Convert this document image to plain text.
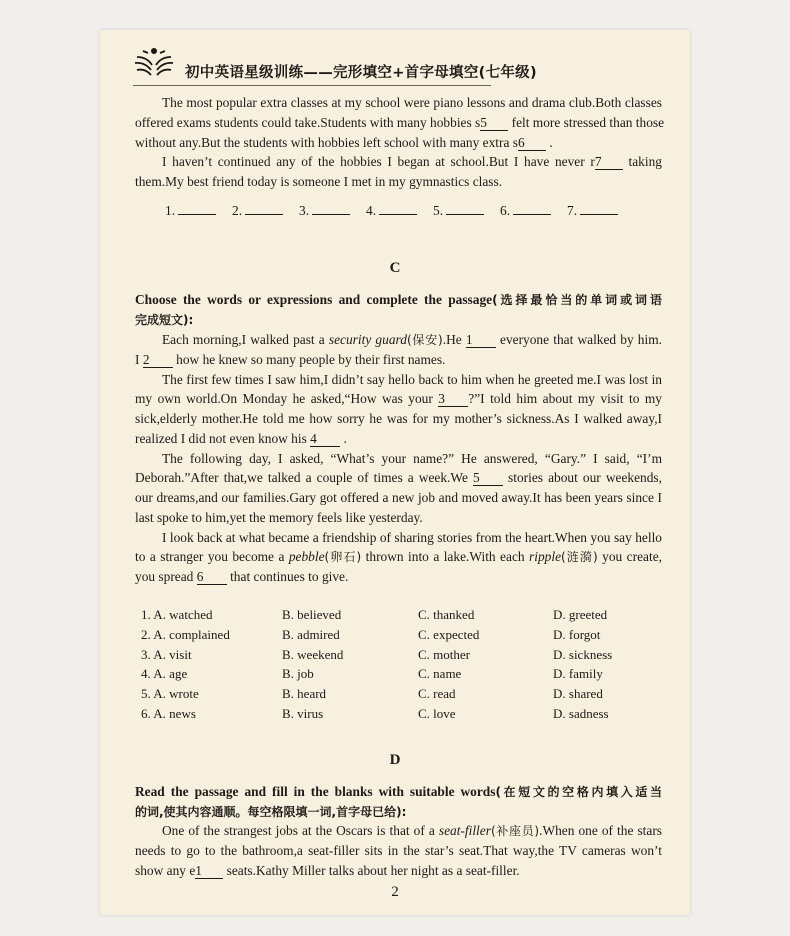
初中英语星级训练——完形填空+首字母填空(七年级)
The most popular extra classes at my school were piano lessons and drama club.Both classes
offered exams students could take.Students with many hobbies s5 felt more stressed than those
without any.But the students with hobbies left school with many extra s6 .
I haven’t continued any of the hobbies I began at school.But I have never r7 taking
them.My best friend today is someone I met in my gymnastics class.
1.	2.	3.	4.	5.	6.	7.
C
Choose the words or expressions and complete the passage(选择最恰当的单词或词语
完成短文):
Each morning,I walked past a security guard(保安).He 1 everyone that walked by him.
I 2 how he knew so many people by their first names.
The first few times I saw him,I didn’t say hello back to him when he greeted me.I was lost in
my own world.On Monday he asked,“How was your 3 ?”I told him about my visit to my
sick,elderly mother.He told me how sorry he was for my mother’s sickness.As I walked away,I
realized I did not even know his 4 .
The following day, I asked, “What’s your name?” He answered, “Gary.” I said, “I’m
Deborah.”After that,we talked a couple of times a week.We 5 stories about our weekends,
our dreams,and our families.Gary got offered a new job and moved away.It has been years since I
last spoke to him,yet the memory feels like yesterday.
I look back at what became a friendship of sharing stories from the heart.When you say hello
to a stranger you become a pebble(卵石) thrown into a lake.With each ripple(涟漪) you create,
you spread 6 that continues to give.
1. A. watched	B. believed	C. thanked	D. greeted
2. A. complained	B. admired	C. expected	D. forgot
3. A. visit	B. weekend	C. mother	D. sickness
4. A. age	B. job	C. name	D. family
5. A. wrote	B. heard	C. read	D. shared
6. A. news	B. virus	C. love	D. sadness
D
Read the passage and fill in the blanks with suitable words(在短文的空格内填入适当
的词,使其内容通顺。每空格限填一词,首字母已给):
One of the strangest jobs at the Oscars is that of a seat-filler(补座员).When one of the stars
needs to go to the bathroom,a seat-filler sits in the star’s seat.That way,the TV cameras won’t
show any e1 seats.Kathy Miller talks about her night as a seat-filler.
2
